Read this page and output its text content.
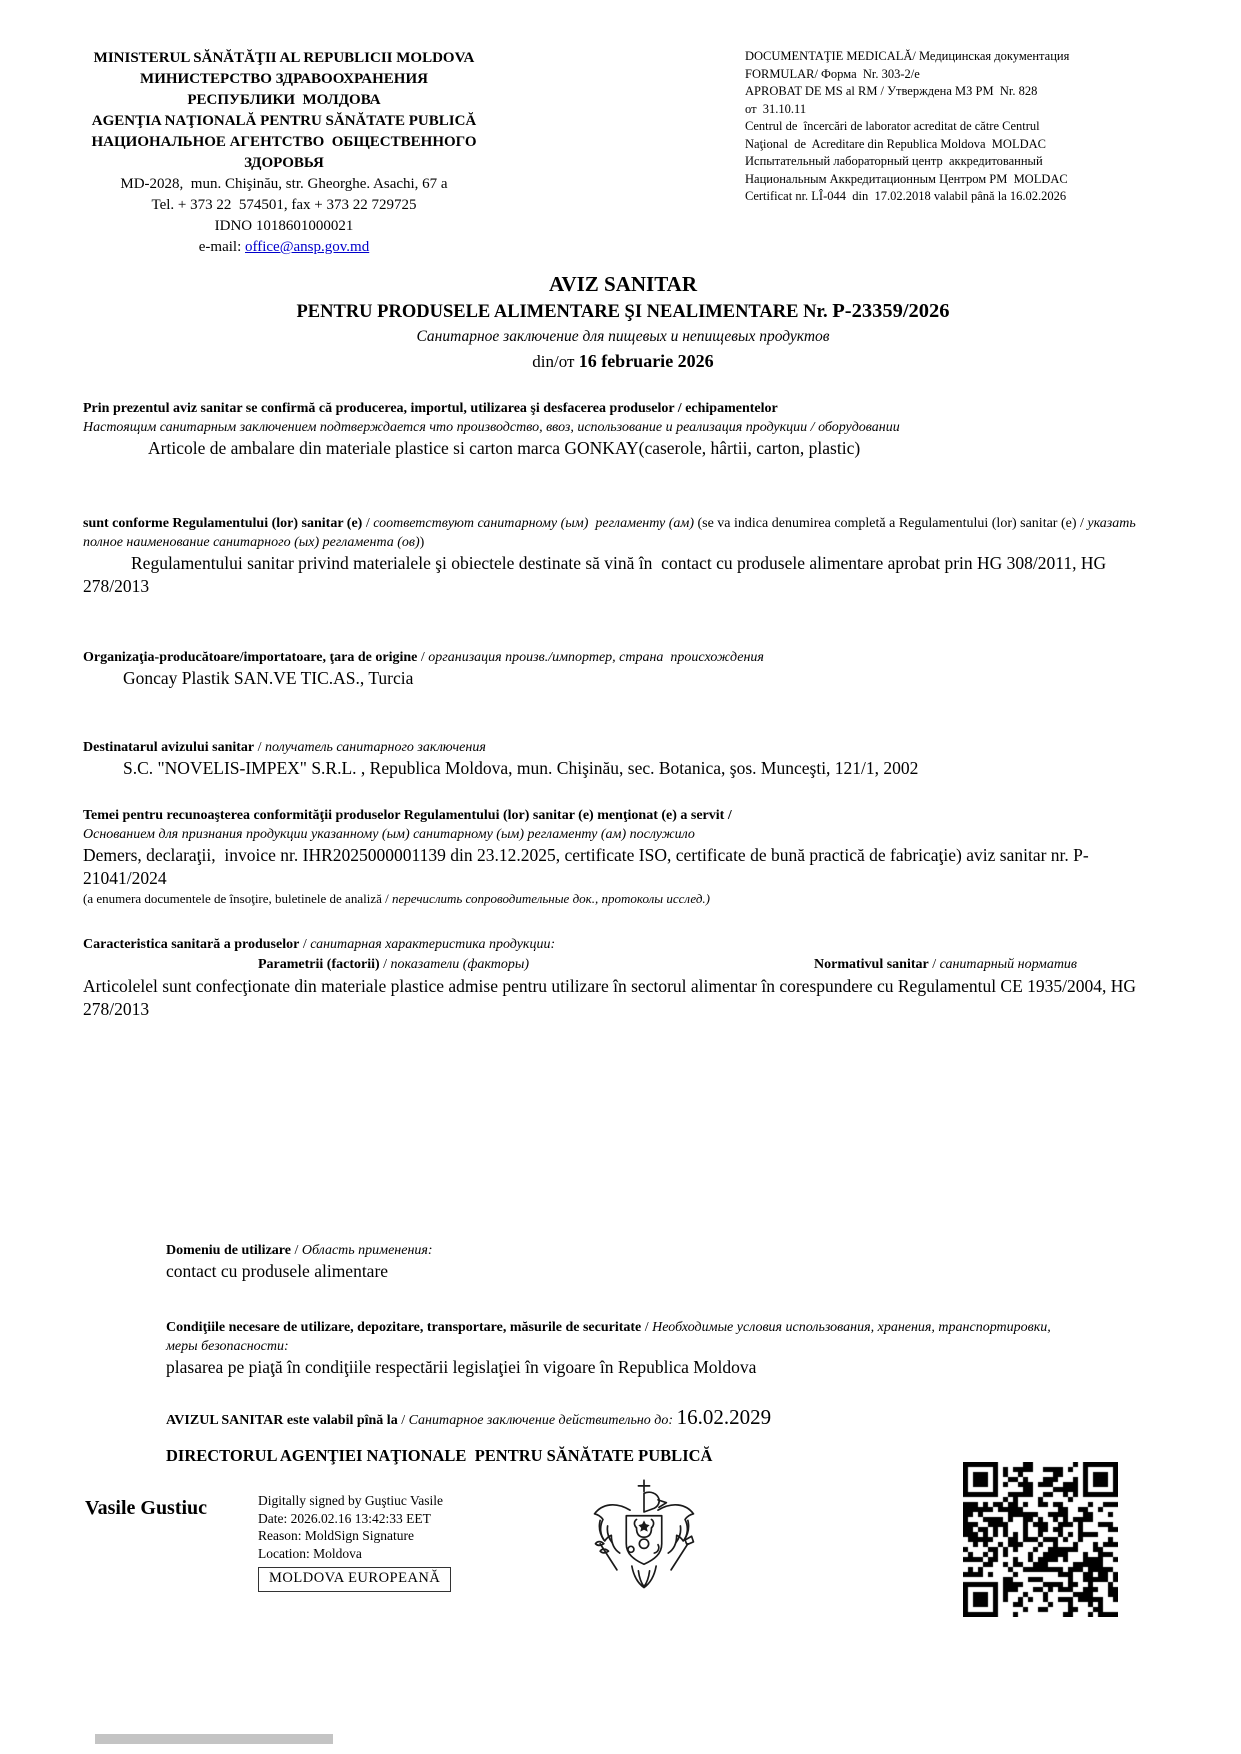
MINISTERUL SĂNĂTĂŢII AL REPUBLICII MOLDOVA
МИНИСТЕРСТВО ЗДРАВООХРАНЕНИЯ
РЕСПУБЛИКИ  МОЛДОВА
AGENŢIA NAŢIONALĂ PENTRU SĂNĂTATE PUBLICĂ
НАЦИОНАЛЬНОЕ АГЕНТСТВО  ОБЩЕСТВЕННОГО
ЗДОРОВЬЯ
MD-2028,  mun. Chişinău, str. Gheorghe. Asachi, 67 a
Tel. + 373 22  574501, fax + 373 22 729725
IDNO 1018601000021
e-mail: office@ansp.gov.md
DOCUMENTAŢIE MEDICALĂ/ Медицинская документация
FORMULAR/ Форма  Nr. 303-2/e
APROBAT DE MS al RM / Утверждена МЗ РМ  Nr. 828
от  31.10.11
Centrul de  încercări de laborator acreditat de către Centrul
Naţional  de  Acreditare din Republica Moldova  MOLDAC
Испытательный лабораторный центр  аккредитованный
Национальным Аккредитационным Центром РМ  MOLDAC
Certificat nr. LÎ-044  din  17.02.2018 valabil până la 16.02.2026
AVIZ SANITAR
PENTRU PRODUSELE ALIMENTARE ŞI NEALIMENTARE Nr. P-23359/2026
Санитарное заключение для пищевых и непищевых продуктов
din/от 16 februarie 2026
Prin prezentul aviz sanitar se confirmă că producerea, importul, utilizarea şi desfacerea produselor / echipamentelor
Настоящим санитарным заключением подтверждается что производство, ввоз, использование и реализация продукции / оборудовании
Articole de ambalare din materiale plastice si carton marca GONKAY(caserole, hârtii, carton, plastic)
sunt conforme Regulamentului (lor) sanitar (e) / соответствуют санитарному (ым)  регламенту (ам) (se va indica denumirea completă a Regulamentului (lor) sanitar (e) / указать полное наименование санитарного (ых) регламента (ов))
Regulamentului sanitar privind materialele şi obiectele destinate să vină în  contact cu produsele alimentare aprobat prin HG 308/2011, HG 278/2013
Organizaţia-producătoare/importatoare, ţara de origine / организация произв./импортер, страна  происхождения
Goncay Plastik SAN.VE TIC.AS., Turcia
Destinatarul avizului sanitar / получатель санитарного заключения
S.C. "NOVELIS-IMPEX" S.R.L. , Republica Moldova, mun. Chişinău, sec. Botanica, şos. Munceşti, 121/1, 2002
Temei pentru recunoaşterea conformităţii produselor Regulamentului (lor) sanitar (e) menţionat (e) a servit /
Основанием для признания продукции указанному (ым) санитарному (ым) регламенту (ам) послужило
Demers, declaraţii,  invoice nr. IHR2025000001139 din 23.12.2025, certificate ISO, certificate de bună practică de fabricaţie) aviz sanitar nr. P-21041/2024
(a enumera documentele de însoţire, buletinele de analiză / перечислить сопроводительные док., протоколы исслед.)
Caracteristica sanitară a produselor / санитарная характеристика продукции:
Parametrii (factorii) / показатели (факторы)	Normativul sanitar / санитарный норматив
Articolelel sunt confecţionate din materiale plastice admise pentru utilizare în sectorul alimentar în corespundere cu Regulamentul CE 1935/2004, HG 278/2013
Domeniu de utilizare / Область применения:
contact cu produsele alimentare
Condiţiile necesare de utilizare, depozitare, transportare, măsurile de securitate / Необходимые условия использования, хранения, транспортировки, меры безопасности:
plasarea pe piaţă în condiţiile respectării legislaţiei în vigoare în Republica Moldova
AVIZUL SANITAR este valabil pînă la / Санитарное заключение действительно до: 16.02.2029
DIRECTORUL AGENŢIEI NAŢIONALE  PENTRU SĂNĂTATE PUBLICĂ
Vasile Gustiuc	Digitally signed by Guştiuc Vasile
Date: 2026.02.16 13:42:33 EET
Reason: MoldSign Signature
Location: Moldova
MOLDOVA EUROPEANĂ
